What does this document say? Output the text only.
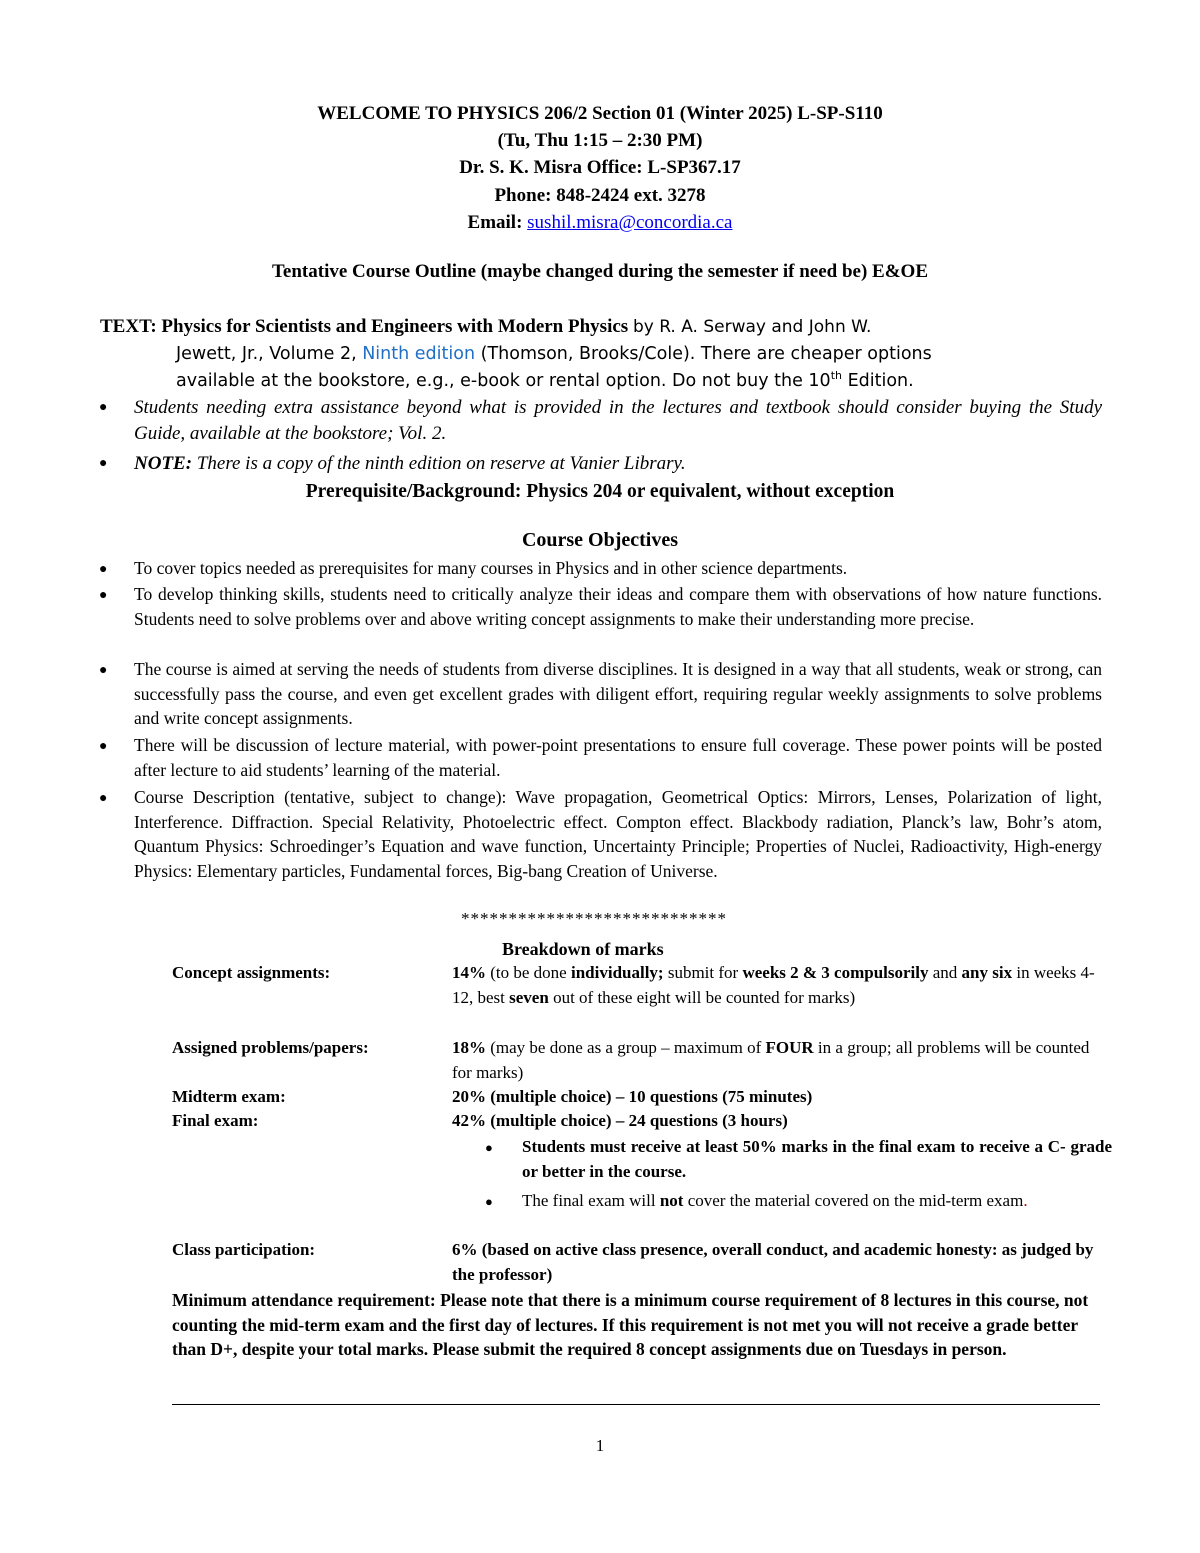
WELCOME TO PHYSICS 206/2 Section 01 (Winter 2025) L-SP-S110
(Tu, Thu 1:15 – 2:30 PM)
Dr. S. K. Misra Office: L-SP367.17
Phone: 848-2424 ext. 3278
Email: sushil.misra@concordia.ca
Tentative Course Outline (maybe changed during the semester if need be) E&OE
TEXT: Physics for Scientists and Engineers with Modern Physics by R. A. Serway and John W.
Jewett, Jr., Volume 2, Ninth edition (Thomson, Brooks/Cole). There are cheaper options
available at the bookstore, e.g., e-book or rental option. Do not buy the 10th Edition.
● Students needing extra assistance beyond what is provided in the lectures and textbook should consider buying the Study Guide, available at the bookstore; Vol. 2.
● NOTE: There is a copy of the ninth edition on reserve at Vanier Library.
Prerequisite/Background: Physics 204 or equivalent, without exception
Course Objectives
● To cover topics needed as prerequisites for many courses in Physics and in other science departments.
● To develop thinking skills, students need to critically analyze their ideas and compare them with observations of how nature functions. Students need to solve problems over and above writing concept assignments to make their understanding more precise.
● The course is aimed at serving the needs of students from diverse disciplines. It is designed in a way that all students, weak or strong, can successfully pass the course, and even get excellent grades with diligent effort, requiring regular weekly assignments to solve problems and write concept assignments.
● There will be discussion of lecture material, with power-point presentations to ensure full coverage. These power points will be posted after lecture to aid students’ learning of the material.
● Course Description (tentative, subject to change): Wave propagation, Geometrical Optics: Mirrors, Lenses, Polarization of light, Interference. Diffraction. Special Relativity, Photoelectric effect. Compton effect. Blackbody radiation, Planck’s law, Bohr’s atom, Quantum Physics: Schroedinger’s Equation and wave function, Uncertainty Principle; Properties of Nuclei, Radioactivity, High-energy Physics: Elementary particles, Fundamental forces, Big-bang Creation of Universe.
****************************
Breakdown of marks
Concept assignments:	14% (to be done individually; submit for weeks 2 & 3 compulsorily and any six in weeks 4-12, best seven out of these eight will be counted for marks)
Assigned problems/papers:	18% (may be done as a group – maximum of FOUR in a group; all problems will be counted for marks)
Midterm exam:	20% (multiple choice) – 10 questions (75 minutes)
Final exam:	42% (multiple choice) – 24 questions (3 hours)
● Students must receive at least 50% marks in the final exam to receive a C- grade or better in the course.
● The final exam will not cover the material covered on the mid-term exam.
Class participation:	6% (based on active class presence, overall conduct, and academic honesty: as judged by the professor)
Minimum attendance requirement: Please note that there is a minimum course requirement of 8 lectures in this course, not counting the mid-term exam and the first day of lectures. If this requirement is not met you will not receive a grade better than D+, despite your total marks. Please submit the required 8 concept assignments due on Tuesdays in person.
1
